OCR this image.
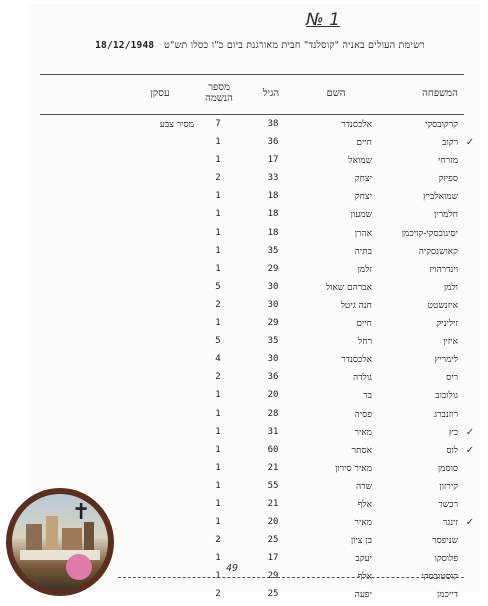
№ 1
רשימת העולים באניה "קוסלנד" חבית מאורגנת ביום כ"ו כסלו תש"ט   18/12/1948
המשפחה
השם
הגיל
מספר הנשמה
עסקן
קרקובסקי
אלכסנדר
38
7
מסיר צבע
✓
רקוב
חיים
36
1
מזרחי
שמואל
17
1
ספיזק
יצחק
33
2
שמואלביץ
יצחק
18
1
חלמרין
שמעון
18
1
יסינובסקי-קויכמן
אהרן
18
1
קאושנסקיה
בתיה
35
1
וינדרהויז
זלמן
29
1
ולמן
אברהם שאול
30
5
איזנשטט
חנה גיטל
30
2
זיליניק
חיים
29
1
איזין
רחל
35
5
לימריץ
אלכסנדר
30
4
ריס
גולדה
36
2
גולובוב
בר
20
1
רוזנברג
פסיה
28
1
✓
כץ
מאיר
31
1
✓
לוס
אסתר
60
1
סוסמן
מאיר סירון
21
1
קירזון
שרה
55
1
רכשר
אלף
21
1
✓
זינגר
מאיר
20
1
שניפסר
בן ציון
25
2
פלוסקו
יעקב
17
1
קוסטובסקי
אלף
29
1
דייכמן
יפעה
25
2
49
✝
